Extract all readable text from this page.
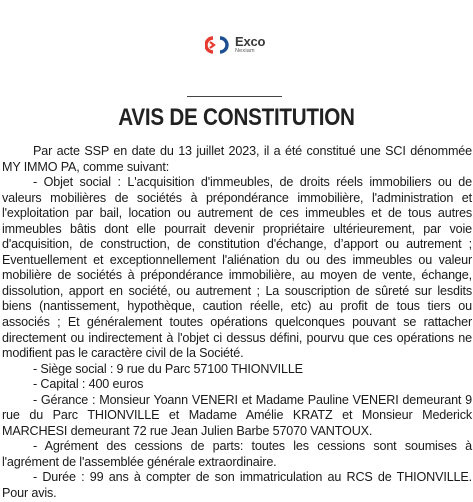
Exco
Nexiam
AVIS DE CONSTITUTION

Par acte SSP en date du 13 juillet 2023, il a été constitué une SCI dénommée MY IMMO PA, comme suivant:

- Objet social : L'acquisition d'immeubles, de droits réels immobiliers ou de valeurs mobilières de sociétés à prépondérance immobilière, l'administration et l'exploitation par bail, location ou autrement de ces immeubles et de tous autres immeubles bâtis dont elle pourrait devenir propriétaire ultérieurement, par voie d'acquisition, de construction, de constitution d'échange, d’apport ou autrement ; Eventuellement et exceptionnellement l'aliénation du ou des immeubles ou valeur mobilière de sociétés à prépondérance immobilière, au moyen de vente, échange, dissolution, apport en société, ou autrement ; La souscription de sûreté sur lesdits biens (nantissement, hypothèque, caution réelle, etc) au profit de tous tiers ou associés ; Et généralement toutes opérations quelconques pouvant se rattacher directement ou indirectement à l'objet ci dessus défini, pourvu que ces opérations ne modifient pas le caractère civil de la Société.

- Siège social : 9 rue du Parc 57100 THIONVILLE

- Capital : 400 euros

- Gérance : Monsieur Yoann VENERI et Madame Pauline VENERI demeurant 9 rue du Parc THIONVILLE et Madame Amélie KRATZ et Monsieur Mederick MARCHESI demeurant 72 rue Jean Julien Barbe 57070 VANTOUX.

- Agrément des cessions de parts: toutes les cessions sont soumises à l'agrément de l'assemblée générale extraordinaire.

- Durée : 99 ans à compter de son immatriculation au RCS de THIONVILLE. Pour avis.
